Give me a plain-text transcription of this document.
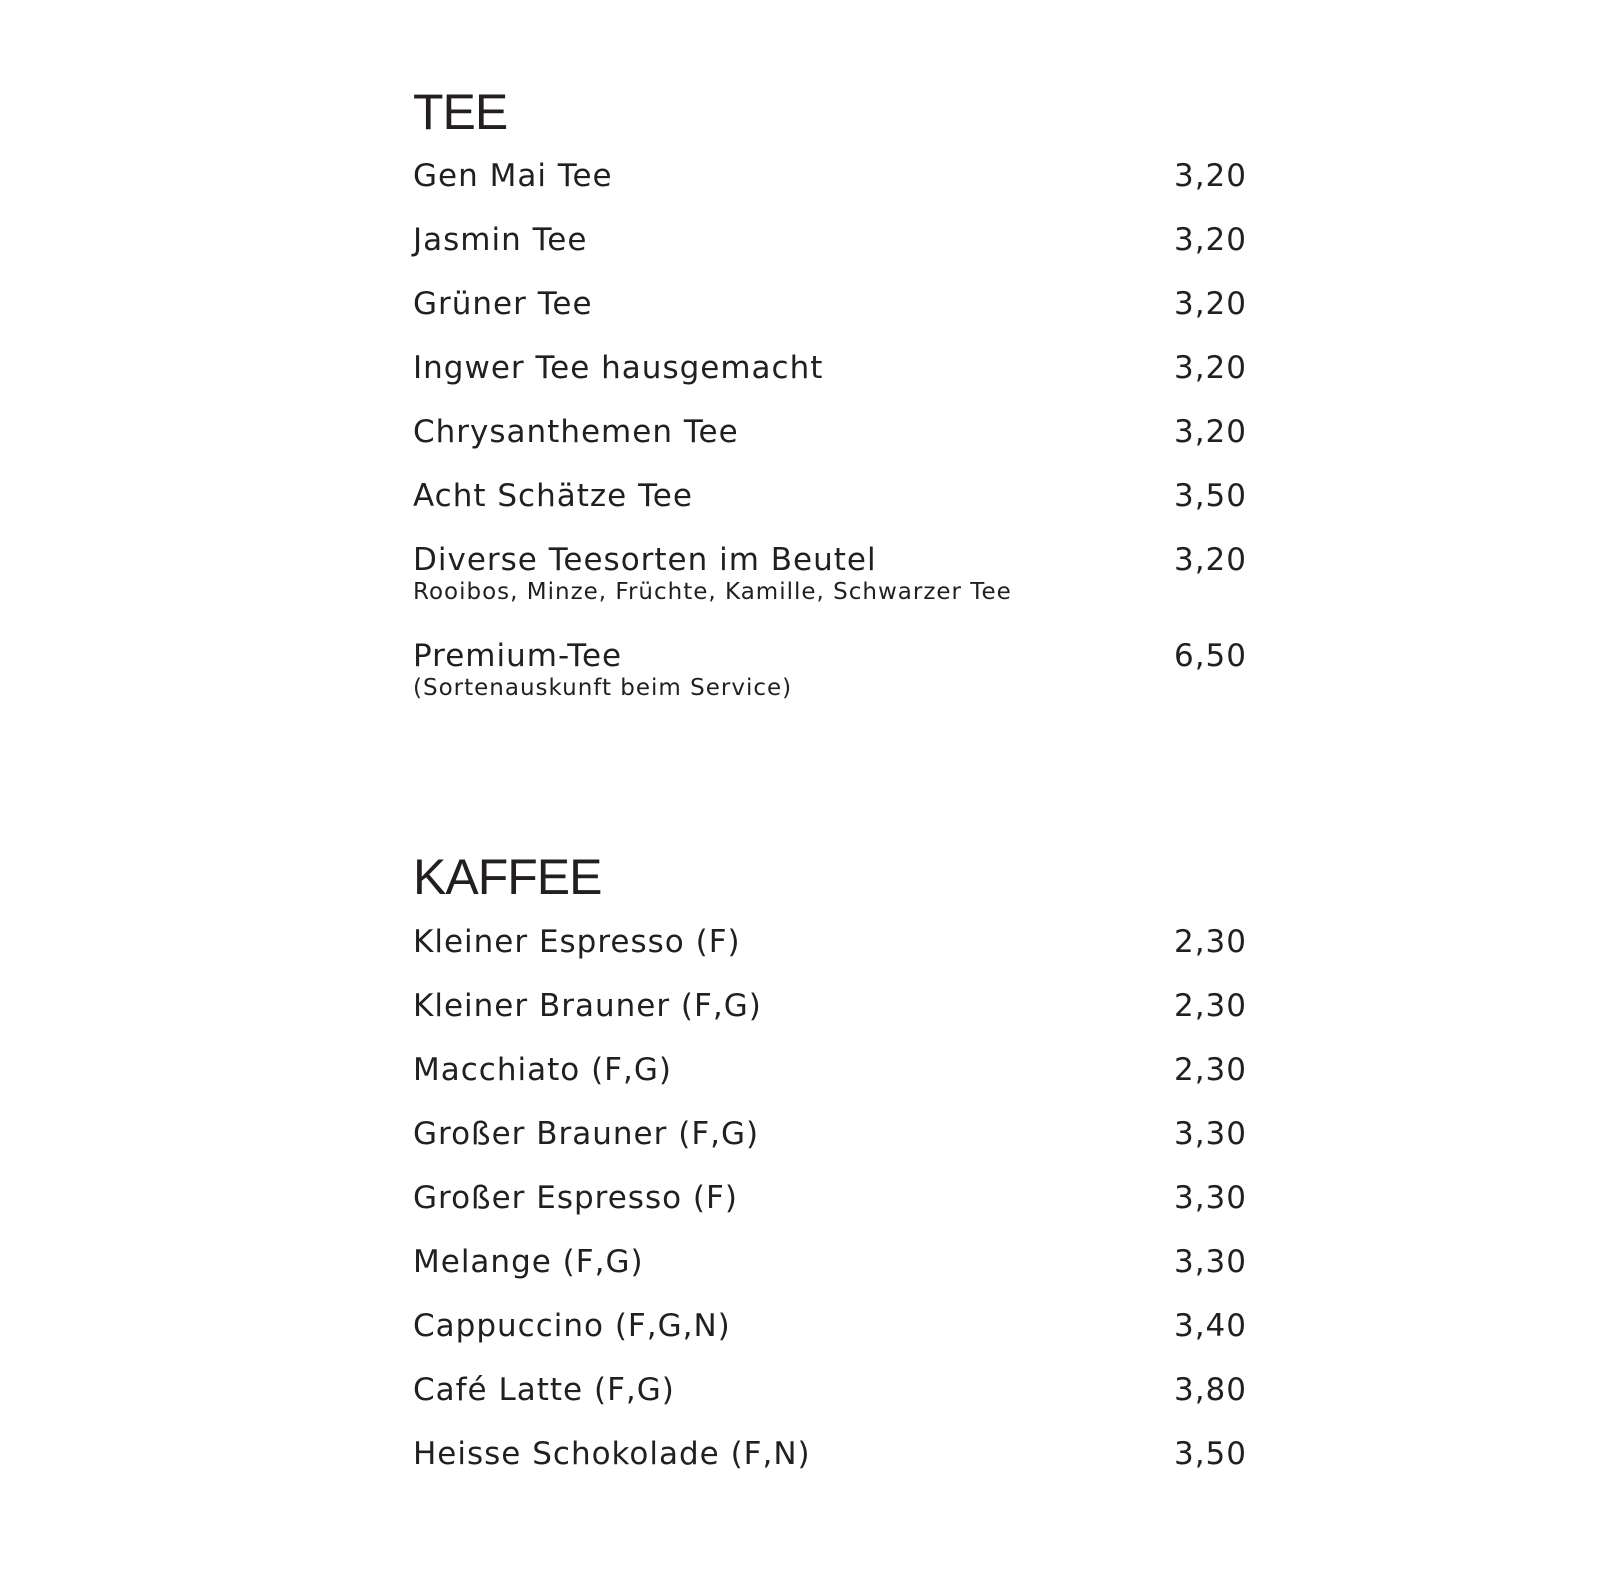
TEE
Gen Mai Tee	3,20
Jasmin Tee	3,20
Grüner Tee	3,20
Ingwer Tee hausgemacht	3,20
Chrysanthemen Tee	3,20
Acht Schätze Tee	3,50
Diverse Teesorten im Beutel	3,20
Rooibos, Minze, Früchte, Kamille, Schwarzer Tee
Premium-Tee	6,50
(Sortenauskunft beim Service)
KAFFEE
Kleiner Espresso (F)	2,30
Kleiner Brauner (F,G)	2,30
Macchiato (F,G)	2,30
Großer Brauner (F,G)	3,30
Großer Espresso (F)	3,30
Melange (F,G)	3,30
Cappuccino (F,G,N)	3,40
Café Latte (F,G)	3,80
Heisse Schokolade (F,N)	3,50
